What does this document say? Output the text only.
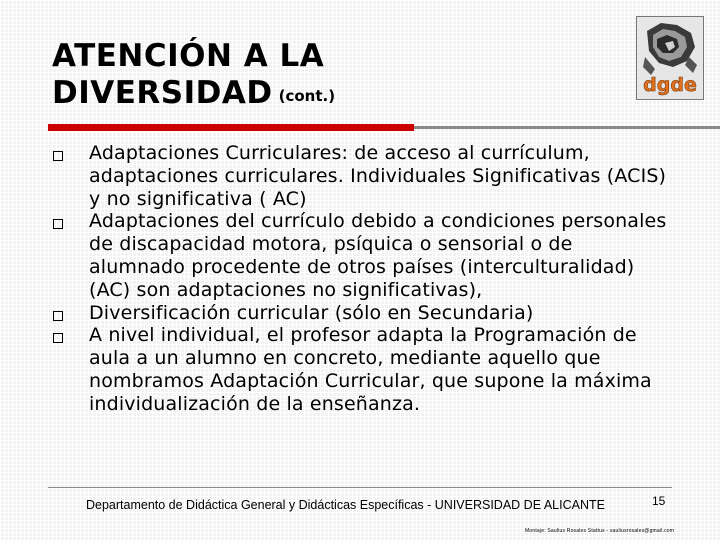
ATENCIÓN A LA
DIVERSIDAD (cont.)	dgde
Adaptaciones Curriculares: de acceso al currículum, adaptaciones curriculares. Individuales Significativas (ACIS) y no significativa ( AC)
Adaptaciones del currículo debido a condiciones personales de discapacidad motora, psíquica o sensorial o de alumnado procedente de otros países (interculturalidad) (AC) son adaptaciones no significativas),
Diversificación curricular (sólo en Secundaria)
A nivel individual, el profesor adapta la Programación de aula a un alumno en concreto, mediante aquello que nombramos Adaptación Curricular, que supone la máxima individualización de la enseñanza.
Departamento de Didáctica General y Didácticas Específicas - UNIVERSIDAD DE ALICANTE	15
Montaje: Saulius Rosales Stattus - sauliusrosales@gmail.com
